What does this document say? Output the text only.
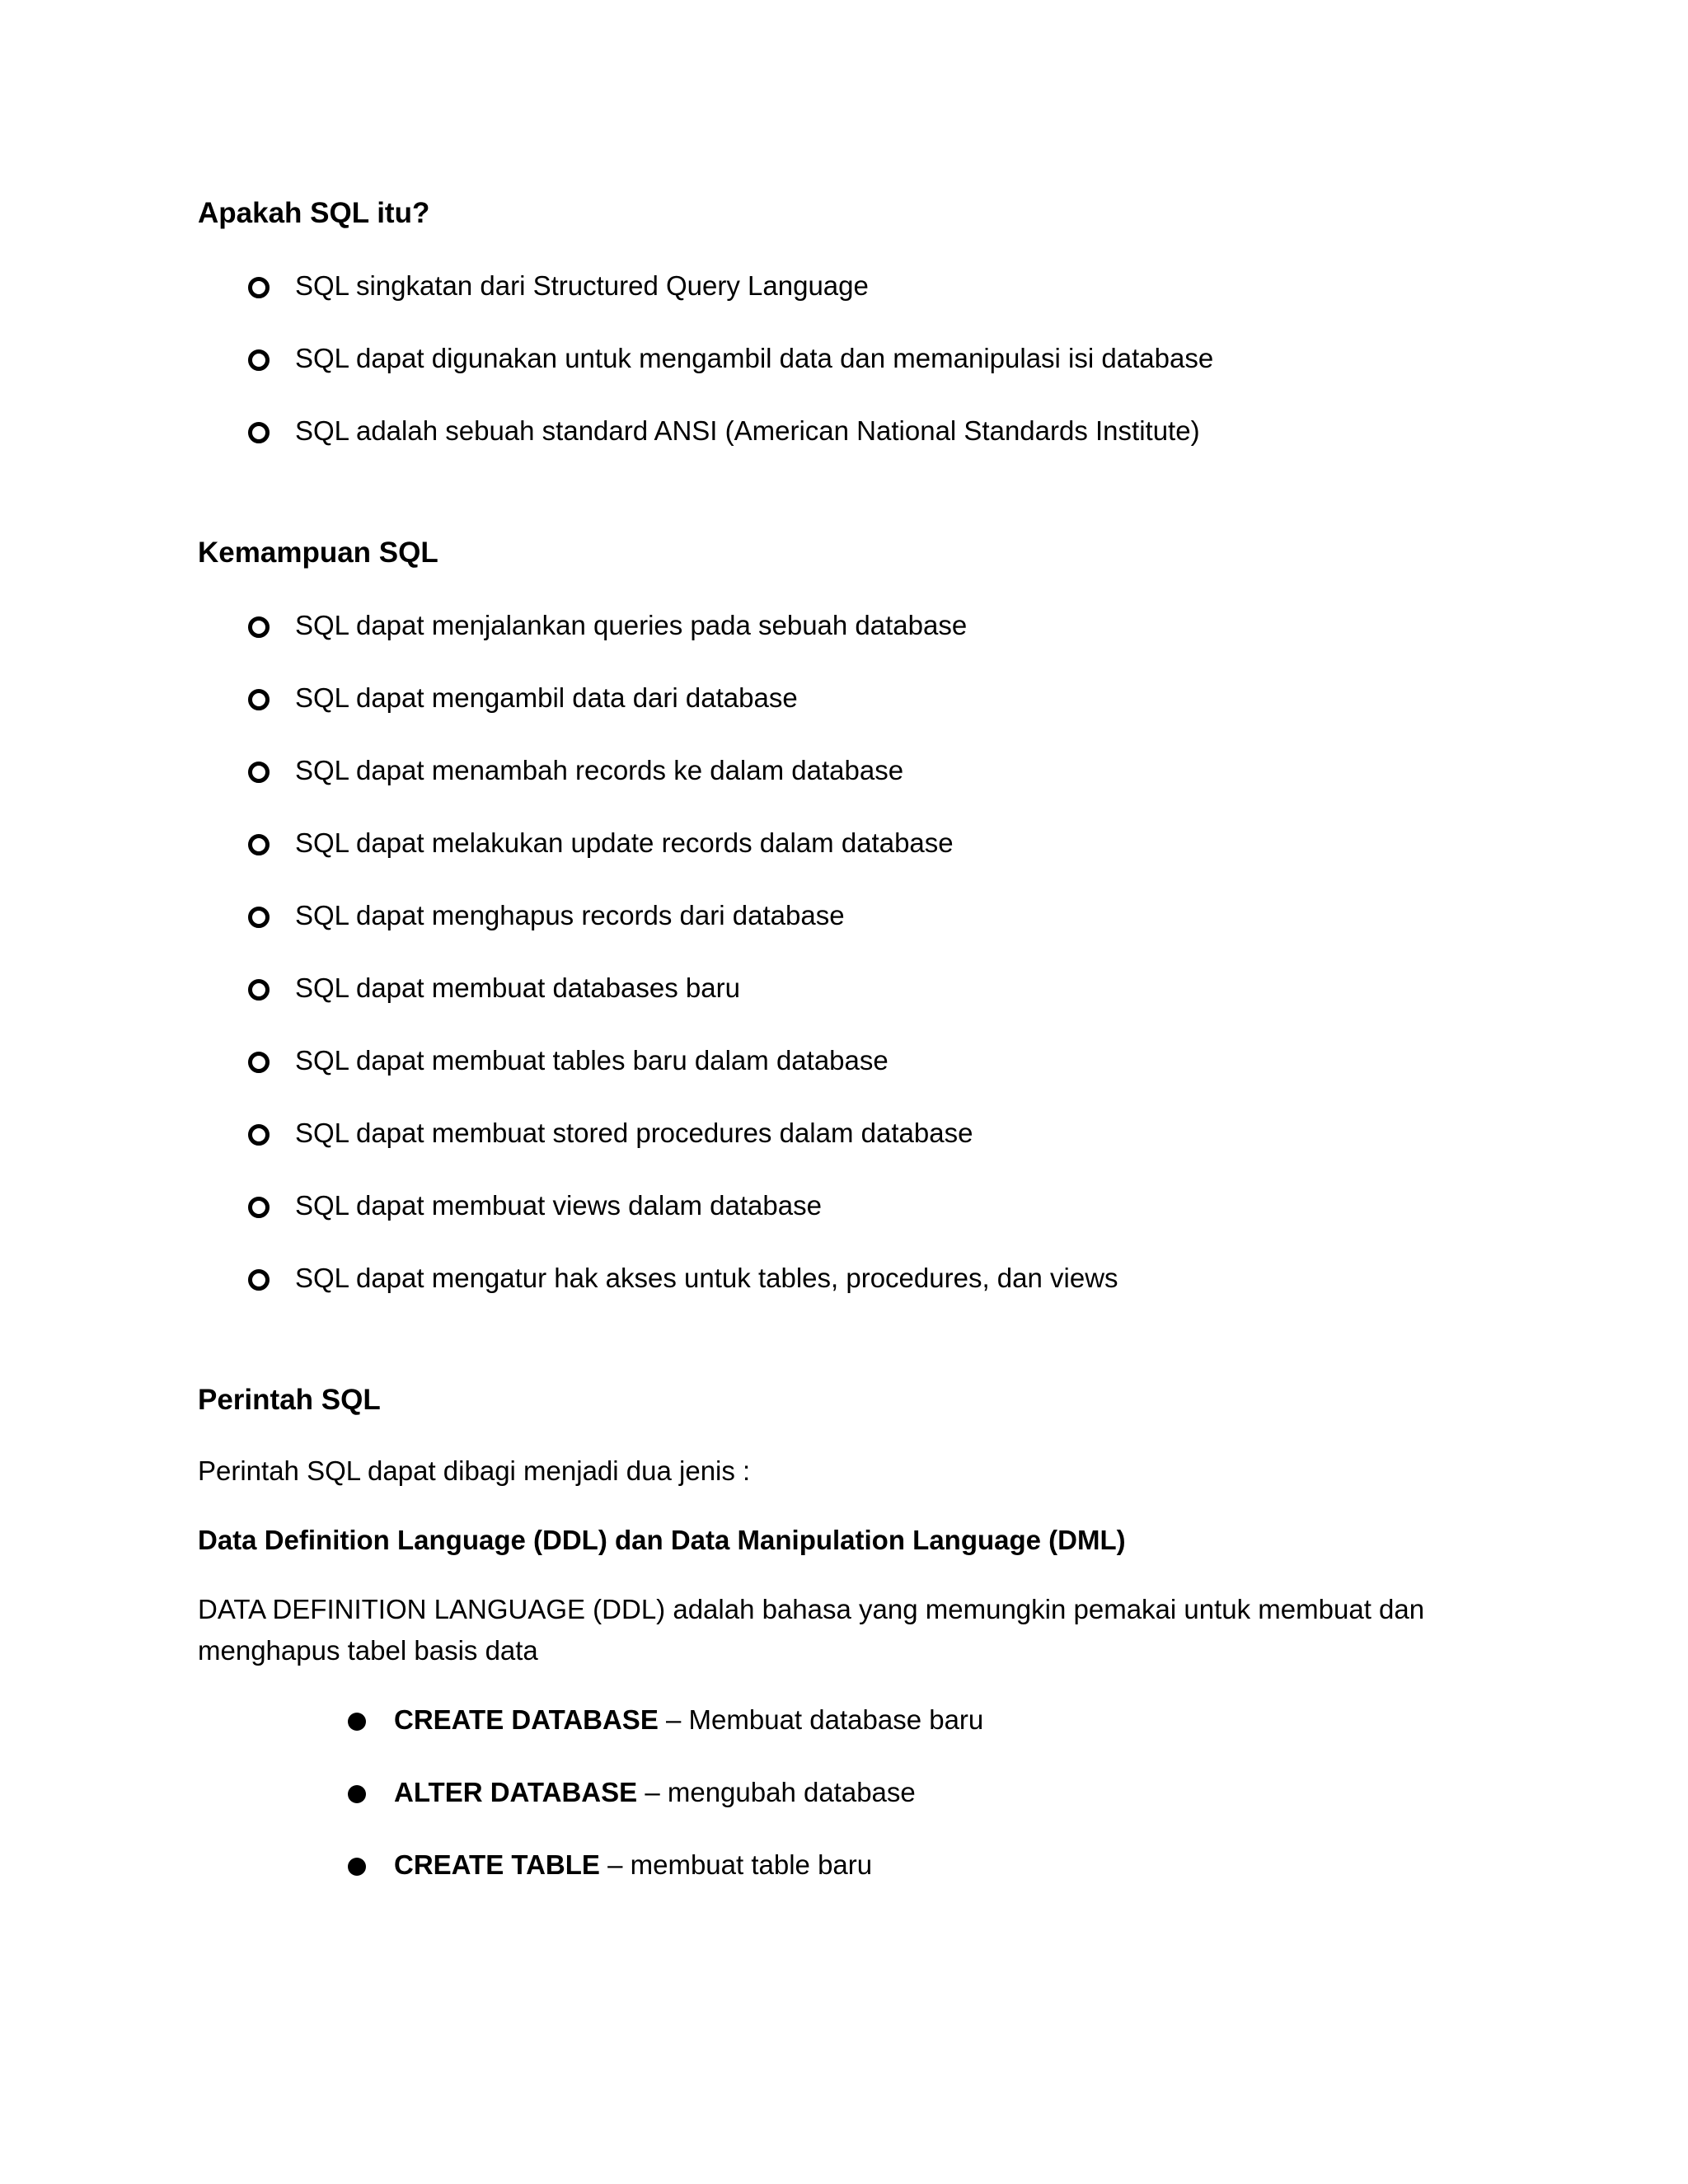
Apakah SQL itu?
SQL singkatan dari Structured Query Language
SQL dapat digunakan untuk mengambil data dan memanipulasi isi database
SQL adalah sebuah standard ANSI (American National Standards Institute)
Kemampuan SQL
SQL dapat menjalankan queries pada sebuah database
SQL dapat mengambil data dari database
SQL dapat menambah records ke dalam database
SQL dapat melakukan update records dalam database
SQL dapat menghapus records dari database
SQL dapat membuat databases baru
SQL dapat membuat tables baru dalam database
SQL dapat membuat stored procedures dalam database
SQL dapat membuat views dalam database
SQL dapat mengatur hak akses untuk tables, procedures, dan views
Perintah SQL

Perintah SQL dapat dibagi menjadi dua jenis :

Data Definition Language (DDL) dan Data Manipulation Language (DML)

DATA DEFINITION LANGUAGE (DDL) adalah bahasa yang memungkin pemakai untuk membuat dan menghapus tabel basis data

CREATE DATABASE – Membuat database baru
ALTER DATABASE – mengubah database
CREATE TABLE – membuat table baru
